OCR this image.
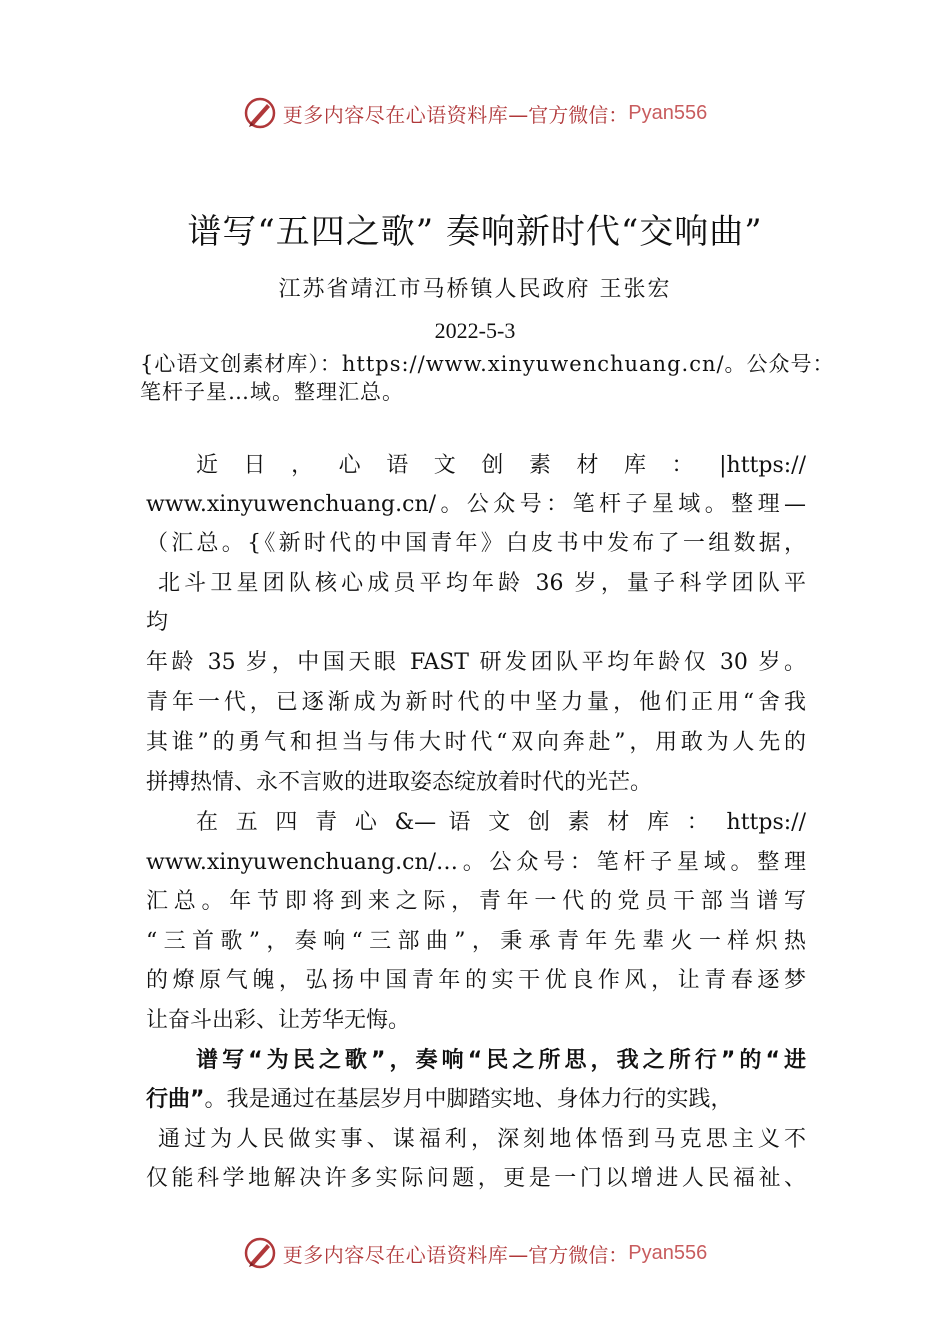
更多内容尽在心语资料库 —官方微信： Pyan556
谱写“五四之歌” 奏响新时代“交响曲”
江苏省靖江市马桥镇人民政府 王张宏
2022-5-3
{心语文创素材库）：https://www.xinyuwenchuang.cn/。公众号：笔杆子星…域。整理汇总。
近 日 ， 心 语 文 创 素 材 库 ： |https://
www.xinyuwenchuang.cn/。公众号：笔杆子星域。整理—
（汇总。{《新时代的中国青年》白皮书中发布了一组数据，
北斗卫星团队核心成员平均年龄 36 岁，量子科学团队平
均
年龄 35 岁，中国天眼 FAST 研发团队平均年龄仅 30 岁。
青年一代，已逐渐成为新时代的中坚力量，他们正用“舍我
其谁”的勇气和担当与伟大时代“双向奔赴”，用敢为人先的
拼搏热情、永不言败的进取姿态绽放着时代的光芒。
在 五 四 青 心 &— 语 文 创 素 材 库 ： https://
www.xinyuwenchuang.cn/…。公众号：笔杆子星域。整理
汇总。年节即将到来之际，青年一代的党员干部当谱写
“三首歌”，奏响“三部曲”，秉承青年先辈火一样炽热
的燎原气魄，弘扬中国青年的实干优良作风，让青春逐梦
让奋斗出彩、让芳华无悔。
谱写“为民之歌”，奏响“民之所思，我之所行”的“进
行曲”。我是通过在基层岁月中脚踏实地、身体力行的实践，
通过为人民做实事、谋福利，深刻地体悟到马克思主义不
仅能科学地解决许多实际问题，更是一门以增进人民福祉、
更多内容尽在心语资料库 —官方微信： Pyan556
